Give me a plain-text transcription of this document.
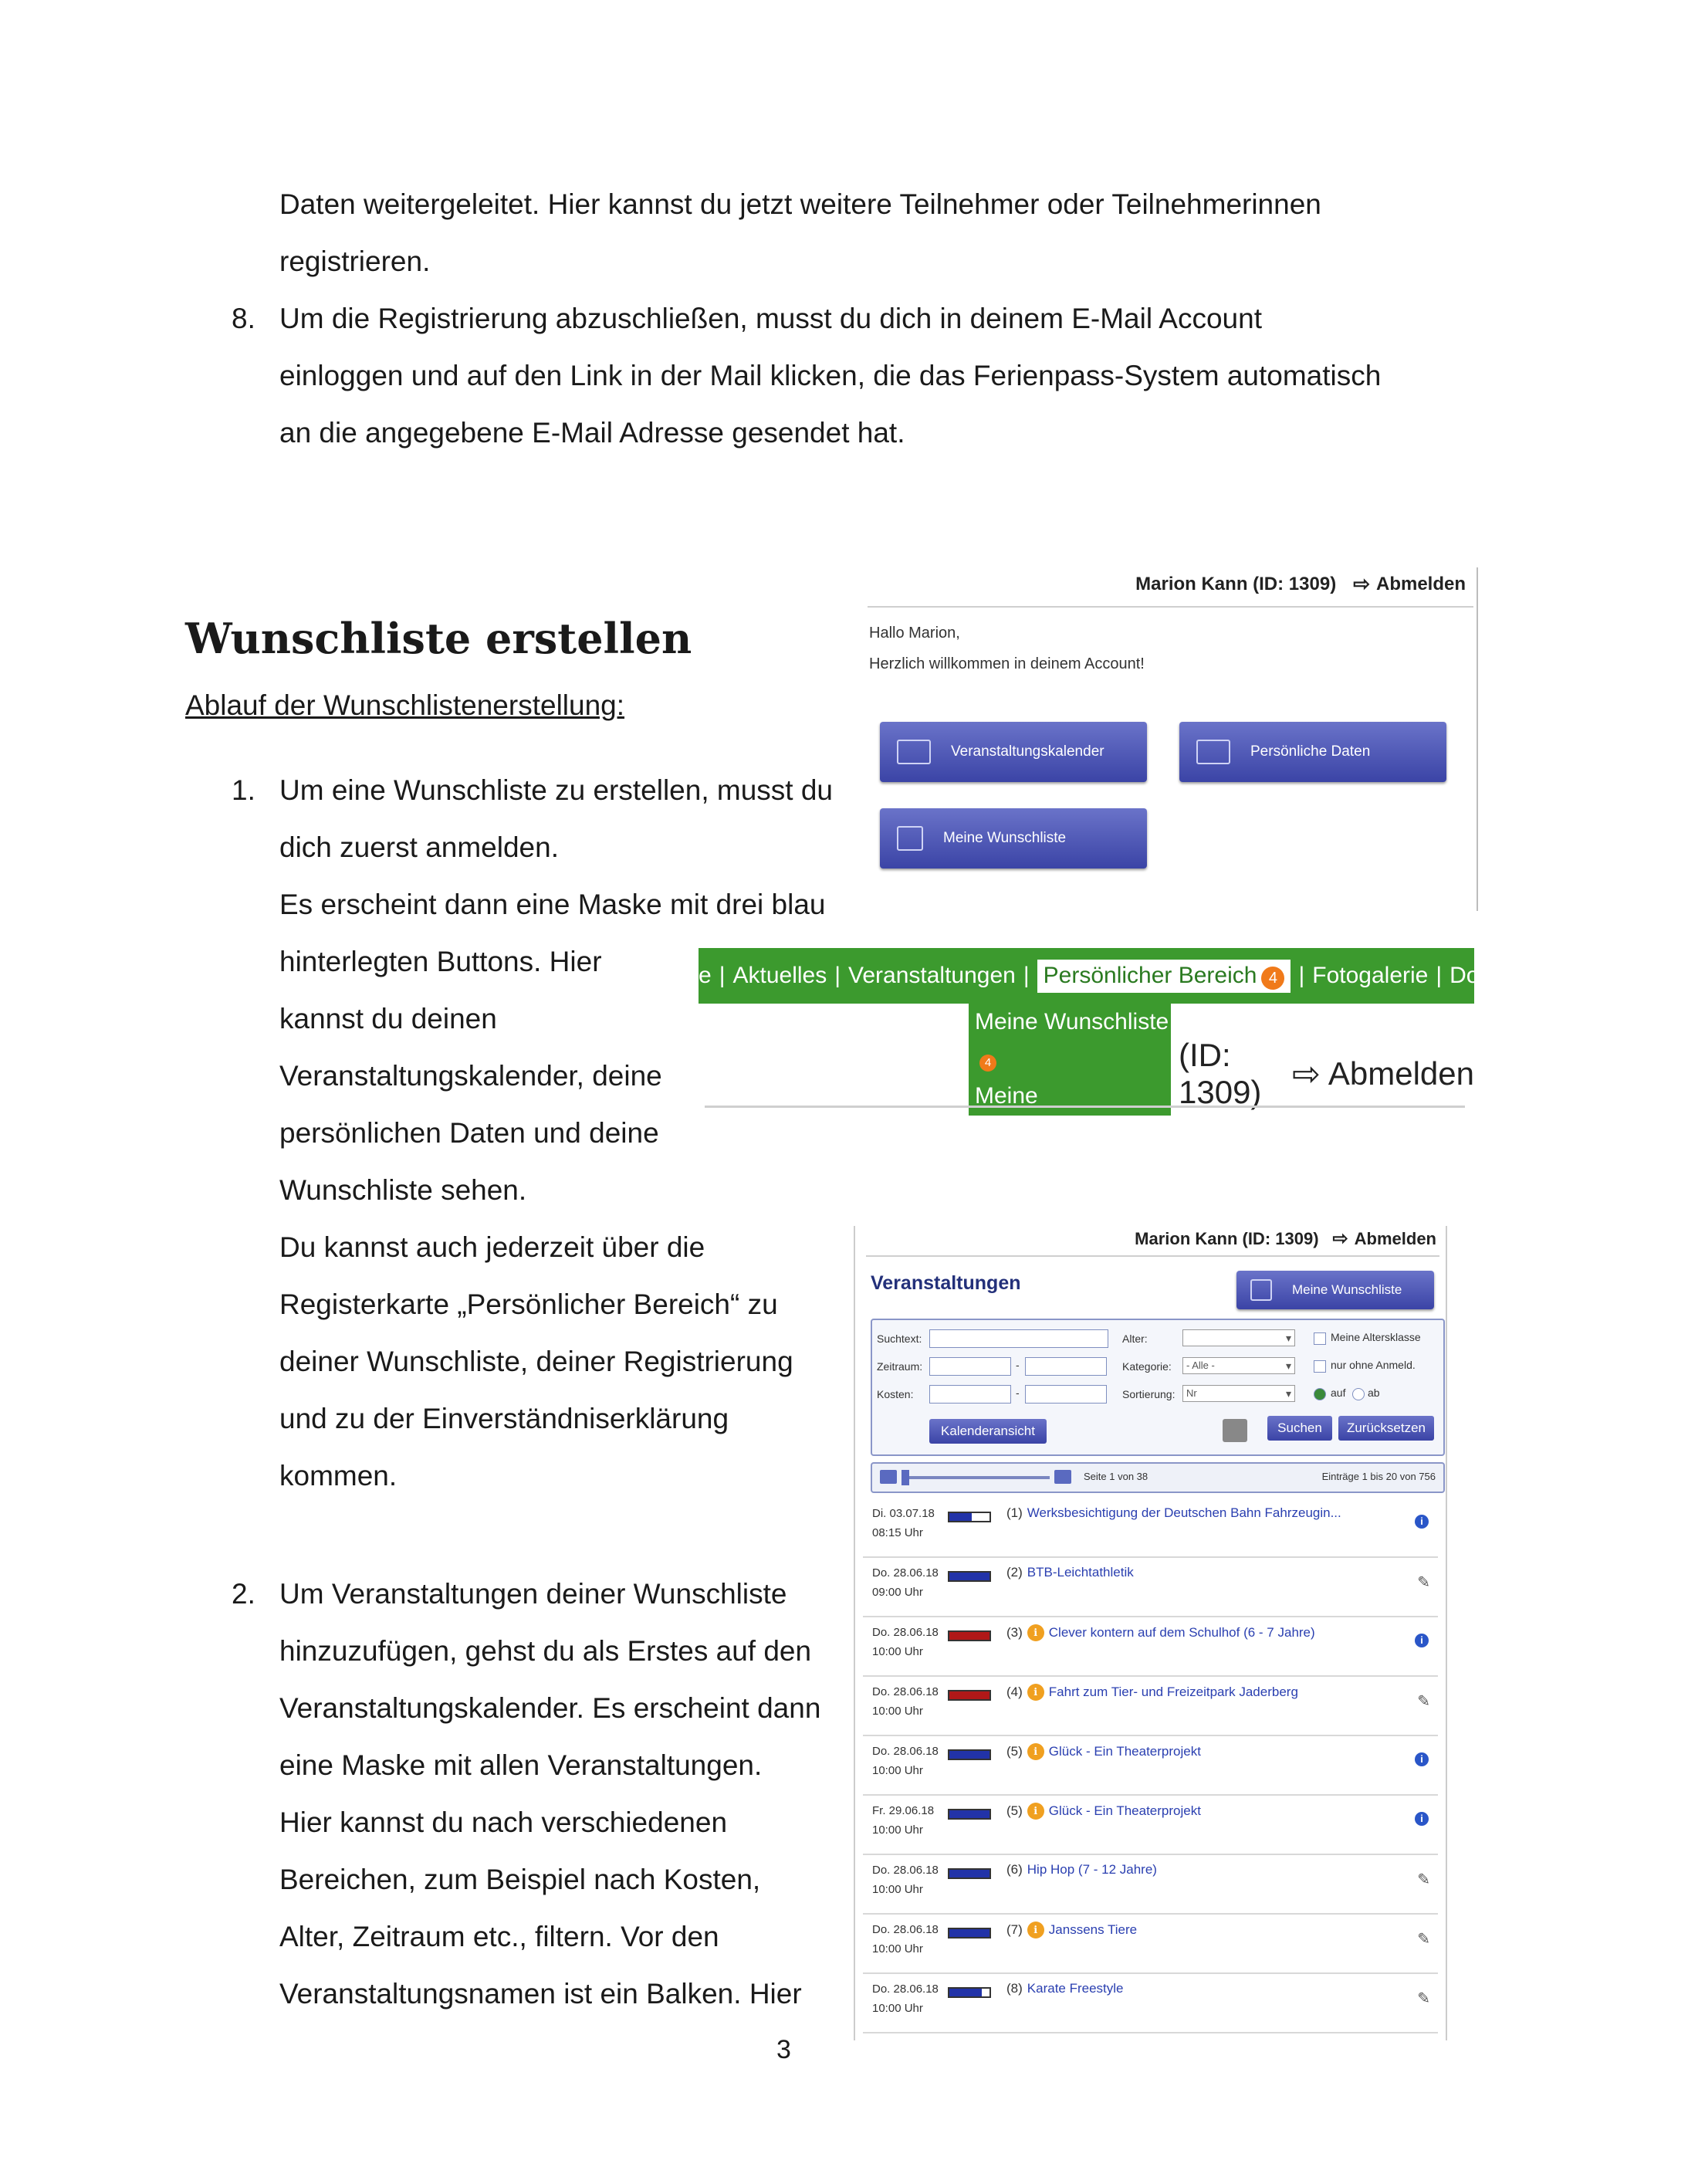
Daten weitergeleitet. Hier kannst du jetzt weitere Teilnehmer oder Teilnehmerinnen
registrieren.
8. Um die Registrierung abzuschließen, musst du dich in deinem E-Mail Account
einloggen und auf den Link in der Mail klicken, die das Ferienpass-System automatisch
an die angegebene E-Mail Adresse gesendet hat.
Wunschliste erstellen
Ablauf der Wunschlistenerstellung:
1. Um eine Wunschliste zu erstellen, musst du
dich zuerst anmelden.
Es erscheint dann eine Maske mit drei blau
hinterlegten Buttons. Hier
kannst du deinen
Veranstaltungskalender, deine
persönlichen Daten und deine
Wunschliste sehen.
Du kannst auch jederzeit über die
Registerkarte „Persönlicher Bereich“ zu
deiner Wunschliste, deiner Registrierung
und zu der Einverständniserklärung
kommen.
2. Um Veranstaltungen deiner Wunschliste
hinzuzufügen, gehst du als Erstes auf den
Veranstaltungskalender. Es erscheint dann
eine Maske mit allen Veranstaltungen.
Hier kannst du nach verschiedenen
Bereichen, zum Beispiel nach Kosten,
Alter, Zeitraum etc., filtern. Vor den
Veranstaltungsnamen ist ein Balken. Hier
3
Marion Kann (ID: 1309) ⇨ Abmelden
Hallo Marion,
Herzlich willkommen in deinem Account!
Veranstaltungskalender	Persönliche Daten
Meine Wunschliste
e | Aktuelles | Veranstaltungen | Persönlicher Bereich 4 | Fotogalerie | Downloads | Kontakt ▸|
Meine Wunschliste 4
Meine Registrierung
Einverständniserklärung
(ID: 1309) ⇨ Abmelden
Marion Kann (ID: 1309) ⇨ Abmelden
Veranstaltungen	Meine Wunschliste
Suchtext:
Zeitraum:	-
Kosten:	-
Alter:
▾
Kategorie:	- Alle - ▾
Sortierung:	Nr ▾
Meine Altersklasse
nur ohne Anmeld.
auf ab
Kalenderansicht	Suchen	Zurücksetzen
Seite 1 von 38	Einträge 1 bis 20 von 756
Di. 03.07.18
08:15 Uhr
(1) Werksbesichtigung der Deutschen Bahn Fahrzeugin...
i
Do. 28.06.18
09:00 Uhr
(2) BTB-Leichtathletik
✎
Do. 28.06.18
10:00 Uhr
(3)	ℹ Clever kontern auf dem Schulhof (6 - 7 Jahre)
i
Do. 28.06.18
10:00 Uhr
(4)	ℹ Fahrt zum Tier- und Freizeitpark Jaderberg
✎
Do. 28.06.18
10:00 Uhr
(5)	ℹ Glück - Ein Theaterprojekt
i
Fr. 29.06.18
10:00 Uhr
(5)	ℹ Glück - Ein Theaterprojekt
i
Do. 28.06.18
10:00 Uhr
(6) Hip Hop (7 - 12 Jahre)
✎
Do. 28.06.18
10:00 Uhr
(7)	ℹ Janssens Tiere
✎
Do. 28.06.18
10:00 Uhr
(8) Karate Freestyle
✎
